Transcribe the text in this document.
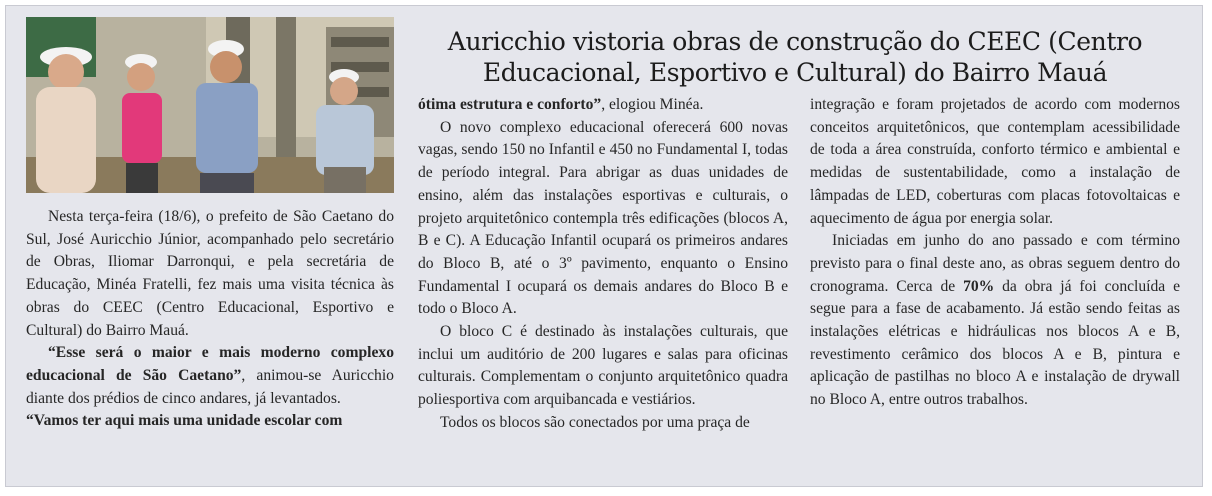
Auricchio vistoria obras de construção do CEEC (Centro Educacional, Esportivo e Cultural) do Bairro Mauá

Nesta terça-feira (18/6), o prefeito de São Caetano do Sul, José Auricchio Júnior, acompanhado pelo secretário de Obras, Iliomar Darronqui, e pela secretária de Educação, Minéa Fratelli, fez mais uma visita técnica às obras do CEEC (Centro Educacional, Esportivo e Cultural) do Bairro Mauá.

“Esse será o maior e mais moderno complexo educacional de São Caetano”, animou-se Auricchio diante dos prédios de cinco andares, já levantados.

“Vamos ter aqui mais uma unidade escolar com

ótima estrutura e conforto”, elogiou Minéa.

O novo complexo educacional oferecerá 600 novas vagas, sendo 150 no Infantil e 450 no Fundamental I, todas de período integral. Para abrigar as duas unidades de ensino, além das instalações esportivas e culturais, o projeto arquitetônico contempla três edificações (blocos A, B e C). A Educação Infantil ocupará os primeiros andares do Bloco B, até o 3º pavimento, enquanto o Ensino Fundamental I ocupará os demais andares do Bloco B e todo o Bloco A.

O bloco C é destinado às instalações culturais, que inclui um auditório de 200 lugares e salas para oficinas culturais. Complementam o conjunto arquitetônico quadra poliesportiva com arquibancada e vestiários.

Todos os blocos são conectados por uma praça de

integração e foram projetados de acordo com modernos conceitos arquitetônicos, que contemplam acessibilidade de toda a área construída, conforto térmico e ambiental e medidas de sustentabilidade, como a instalação de lâmpadas de LED, coberturas com placas fotovoltaicas e aquecimento de água por energia solar.

Iniciadas em junho do ano passado e com término previsto para o final deste ano, as obras seguem dentro do cronograma. Cerca de 70% da obra já foi concluída e segue para a fase de acabamento. Já estão sendo feitas as instalações elétricas e hidráulicas nos blocos A e B, revestimento cerâmico dos blocos A e B, pintura e aplicação de pastilhas no bloco A e instalação de drywall no Bloco A, entre outros trabalhos.
